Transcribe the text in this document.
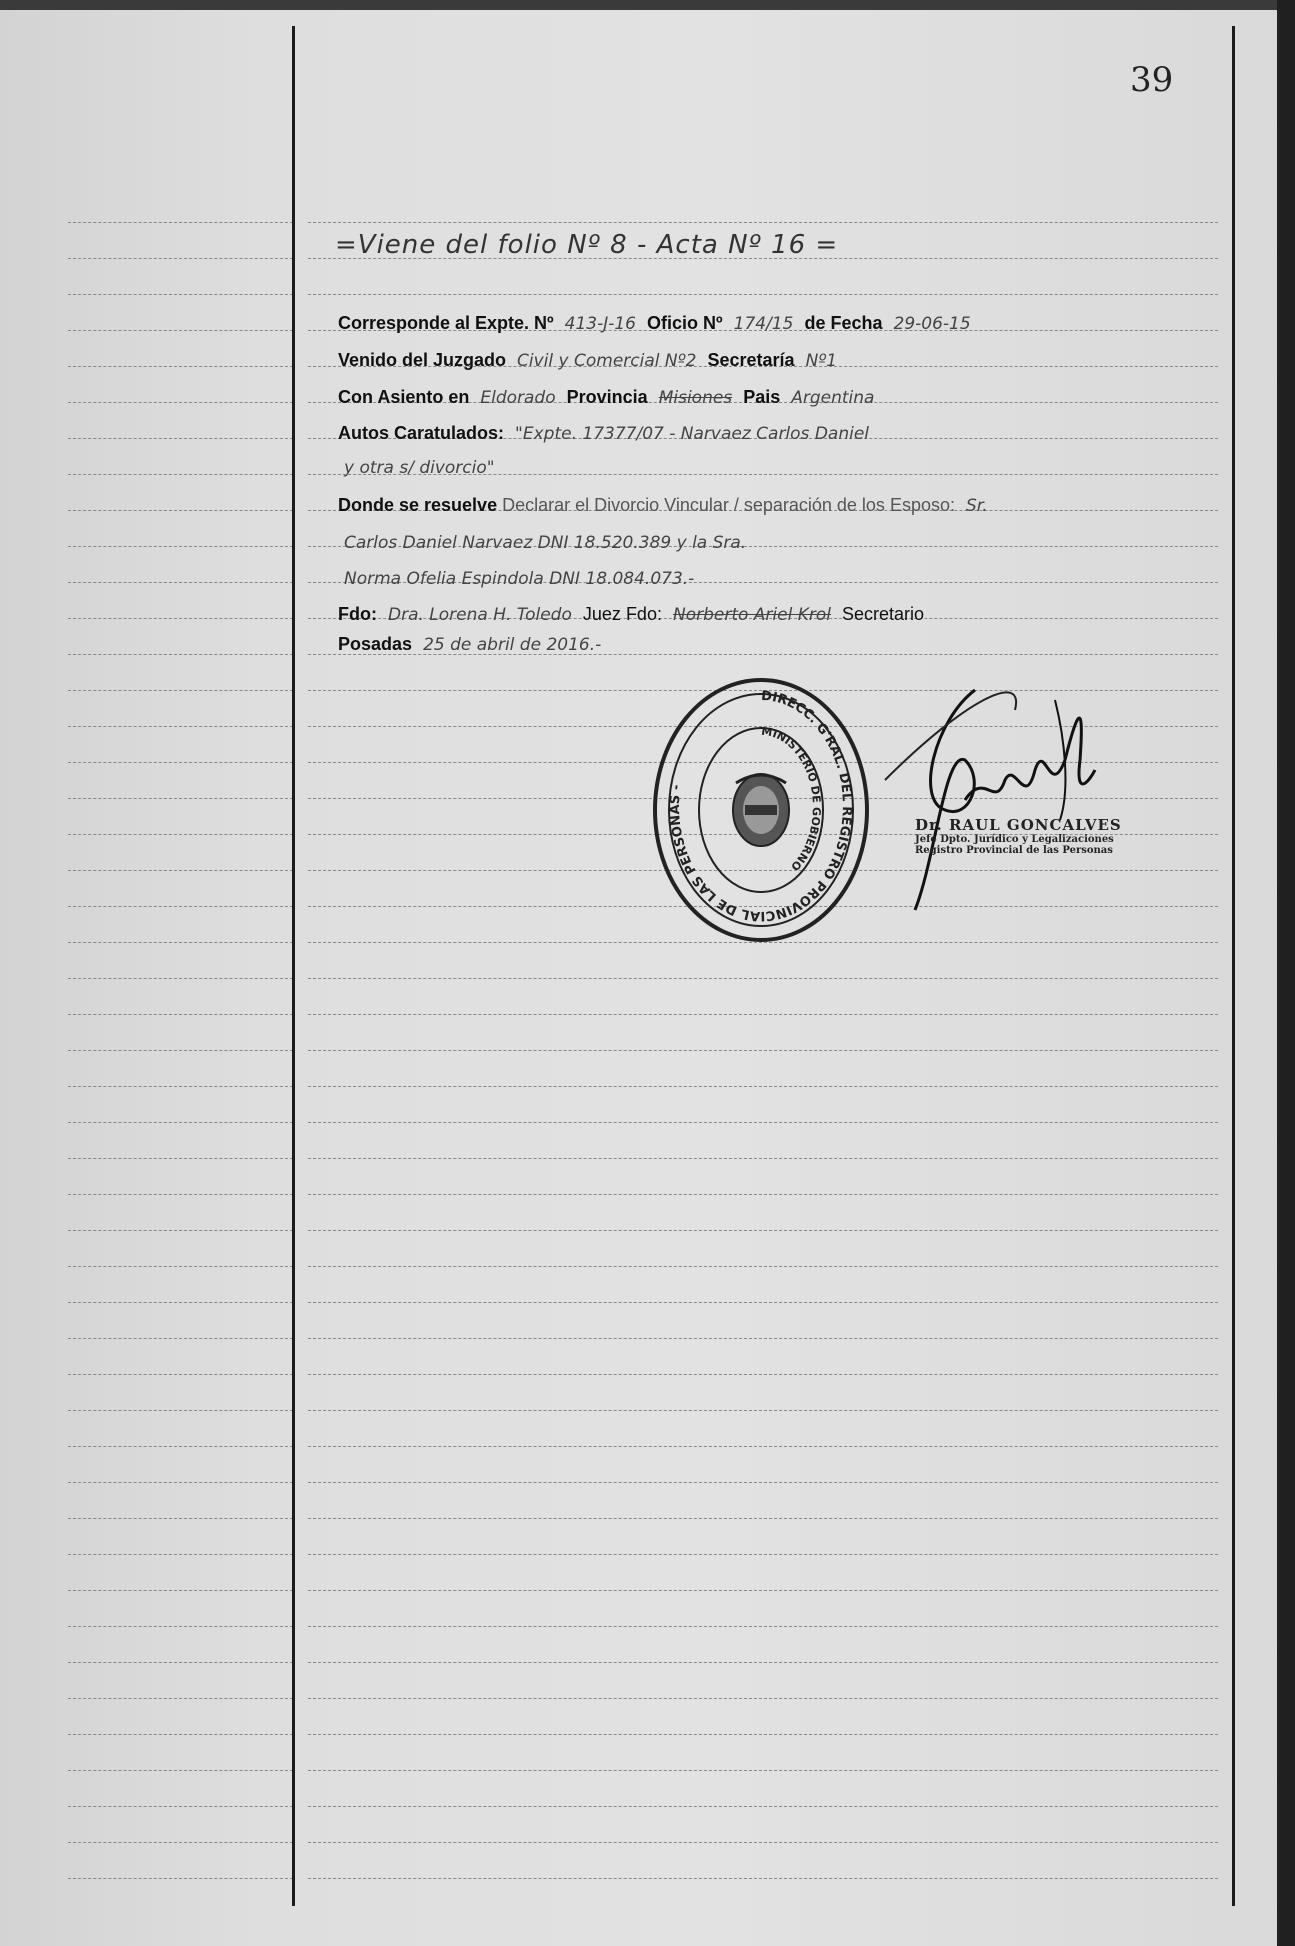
39
=Viene del folio Nº 8 - Acta Nº 16 =
Corresponde al Expte. Nº 413-J-16 Oficio Nº 174/15 de Fecha 29-06-15
Venido del Juzgado Civil y Comercial Nº2 Secretaría Nº1
Con Asiento en Eldorado Provincia Misiones Pais Argentina
Autos Caratulados: "Expte. 17377/07 - Narvaez Carlos Daniel
y otra s/ divorcio"
Donde se resuelve Declarar el Divorcio Vincular / separación de los Esposo: Sr.
Carlos Daniel Narvaez DNI 18.520.389 y la Sra.
Norma Ofelia Espindola DNI 18.084.073.-
Fdo: Dra. Lorena H. Toledo Juez Fdo: Norberto Ariel Krol Secretario
Posadas 25 de abril de 2016.-
DIRECC. G'RAL. DEL REGISTRO PROVINCIAL DE LAS PERSONAS -
MINISTERIO DE GOBIERNO
Dr. RAUL GONCALVES
Jefe Dpto. Jurídico y Legalizaciones
Registro Provincial de las Personas
